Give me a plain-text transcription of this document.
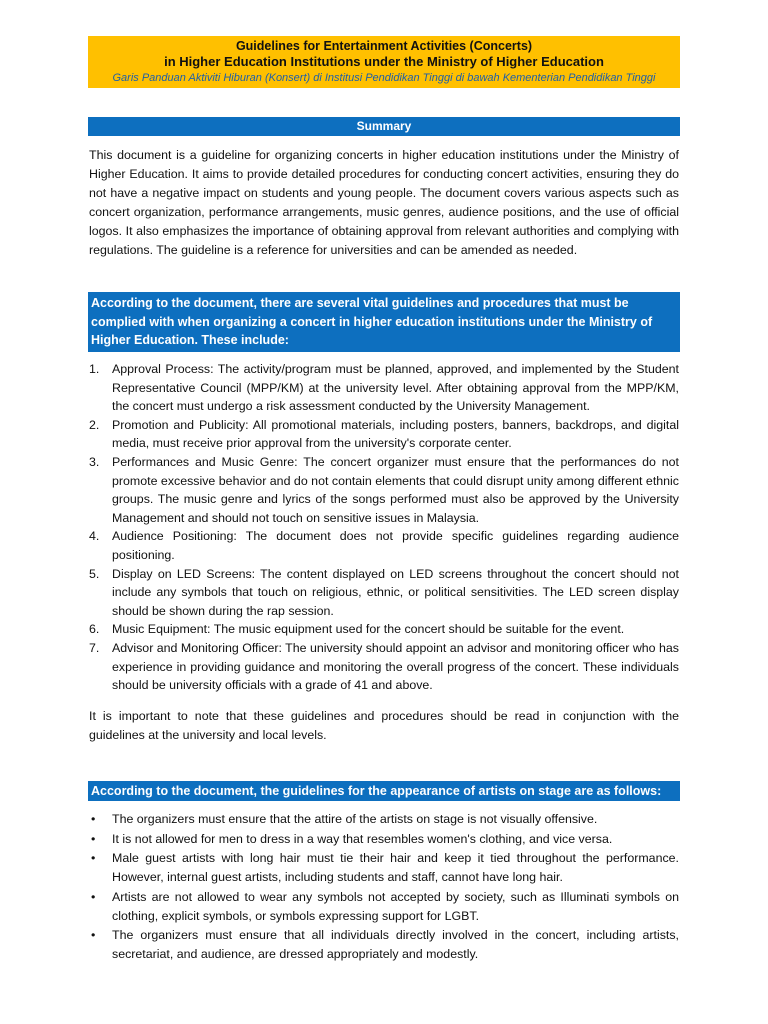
Guidelines for Entertainment Activities (Concerts)
in Higher Education Institutions under the Ministry of Higher Education
Garis Panduan Aktiviti Hiburan (Konsert) di Institusi Pendidikan Tinggi di bawah Kementerian Pendidikan Tinggi
Summary

This document is a guideline for organizing concerts in higher education institutions under the Ministry of Higher Education. It aims to provide detailed procedures for conducting concert activities, ensuring they do not have a negative impact on students and young people. The document covers various aspects such as concert organization, performance arrangements, music genres, audience positions, and the use of official logos. It also emphasizes the importance of obtaining approval from relevant authorities and complying with regulations. The guideline is a reference for universities and can be amended as needed.

According to the document, there are several vital guidelines and procedures that must be complied with when organizing a concert in higher education institutions under the Ministry of Higher Education. These include:
1. Approval Process: The activity/program must be planned, approved, and implemented by the Student Representative Council (MPP/KM) at the university level. After obtaining approval from the MPP/KM, the concert must undergo a risk assessment conducted by the University Management.
2. Promotion and Publicity: All promotional materials, including posters, banners, backdrops, and digital media, must receive prior approval from the university's corporate center.
3. Performances and Music Genre: The concert organizer must ensure that the performances do not promote excessive behavior and do not contain elements that could disrupt unity among different ethnic groups. The music genre and lyrics of the songs performed must also be approved by the University Management and should not touch on sensitive issues in Malaysia.
4. Audience Positioning: The document does not provide specific guidelines regarding audience positioning.
5. Display on LED Screens: The content displayed on LED screens throughout the concert should not include any symbols that touch on religious, ethnic, or political sensitivities. The LED screen display should be shown during the rap session.
6. Music Equipment: The music equipment used for the concert should be suitable for the event.
7. Advisor and Monitoring Officer: The university should appoint an advisor and monitoring officer who has experience in providing guidance and monitoring the overall progress of the concert. These individuals should be university officials with a grade of 41 and above.

It is important to note that these guidelines and procedures should be read in conjunction with the guidelines at the university and local levels.

According to the document, the guidelines for the appearance of artists on stage are as follows:
• The organizers must ensure that the attire of the artists on stage is not visually offensive.
• It is not allowed for men to dress in a way that resembles women's clothing, and vice versa.
• Male guest artists with long hair must tie their hair and keep it tied throughout the performance. However, internal guest artists, including students and staff, cannot have long hair.
• Artists are not allowed to wear any symbols not accepted by society, such as Illuminati symbols on clothing, explicit symbols, or symbols expressing support for LGBT.
• The organizers must ensure that all individuals directly involved in the concert, including artists, secretariat, and audience, are dressed appropriately and modestly.
